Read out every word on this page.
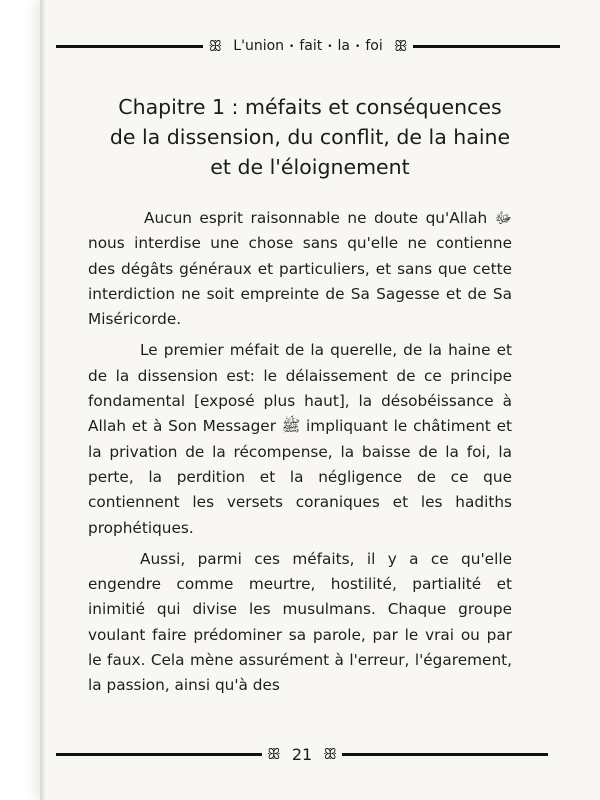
ꕥ L'union • fait • la • foi ꕥ
Chapitre 1 : méfaits et conséquences
de la dissension, du conflit, de la haine
et de l'éloignement

Aucun esprit raisonnable ne doute qu'Allah ﷻ nous interdise une chose sans qu'elle ne contienne des dégâts généraux et particuliers, et sans que cette interdiction ne soit empreinte de Sa Sagesse et de Sa Miséricorde.

Le premier méfait de la querelle, de la haine et de la dissension est: le délaissement de ce principe fondamental [exposé plus haut], la désobéissance à Allah et à Son Messager ﷺ impliquant le châtiment et la privation de la récompense, la baisse de la foi, la perte, la perdition et la négligence de ce que contiennent les versets coraniques et les hadiths prophétiques.

Aussi, parmi ces méfaits, il y a ce qu'elle engendre comme meurtre, hostilité, partialité et inimitié qui divise les musulmans. Chaque groupe voulant faire prédominer sa parole, par le vrai ou par le faux. Cela mène assurément à l'erreur, l'égarement, la passion, ainsi qu'à des

ꕥ 21 ꕥ
